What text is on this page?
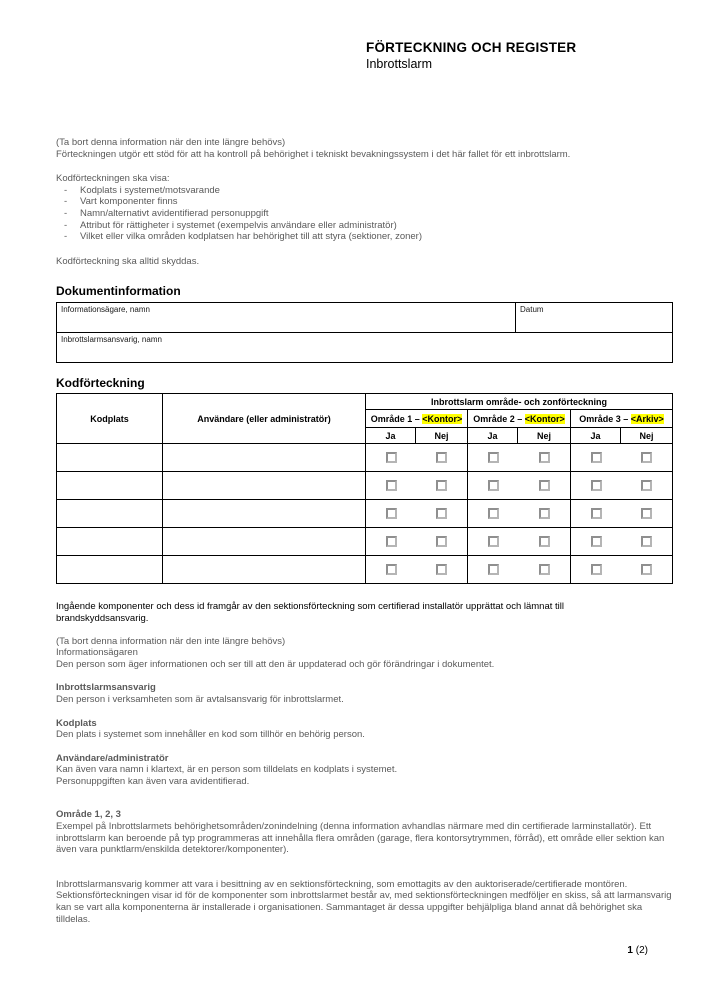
FÖRTECKNING OCH REGISTER
Inbrottslarm
(Ta bort denna information när den inte längre behövs)
Förteckningen utgör ett stöd för att ha kontroll på behörighet i tekniskt bevakningssystem i det här fallet för ett inbrottslarm.
Kodförteckningen ska visa:
-
Kodplats i systemet/motsvarande
-
Vart komponenter finns
-
Namn/alternativt avidentifierad personuppgift
-
Attribut för rättigheter i systemet (exempelvis användare eller administratör)
-
Vilket eller vilka områden kodplatsen har behörighet till att styra (sektioner, zoner)
Kodförteckning ska alltid skyddas.
Dokumentinformation
Informationsägare, namn	Datum
Inbrottslarmsansvarig, namn
Kodförteckning
Kodplats	Användare (eller administratör)	Inbrottslarm område- och zonförteckning					
		Område 1 – <Kontor>		Område 2 – <Kontor>		Område 3 – <Arkiv>	
		Ja	Nej	Ja	Nej	Ja	Nej

Ingående komponenter och dess id framgår av den sektionsförteckning som certifierad installatör upprättat och lämnat till
brandskyddsansvarig.
(Ta bort denna information när den inte längre behövs)
Informationsägaren
Den person som äger informationen och ser till att den är uppdaterad och gör förändringar i dokumentet.
Inbrottslarmsansvarig
Den person i verksamheten som är avtalsansvarig för inbrottslarmet.
Kodplats
Den plats i systemet som innehåller en kod som tillhör en behörig person.
Användare/administratör
Kan även vara namn i klartext, är en person som tilldelats en kodplats i systemet.
Personuppgiften kan även vara avidentifierad.
Område 1, 2, 3
Exempel på Inbrottslarmets behörighetsområden/zonindelning (denna information avhandlas närmare med din certifierade larminstallatör). Ett inbrottslarm kan beroende på typ programmeras att innehålla flera områden (garage, flera kontorsytrymmen, förråd), ett område eller sektion kan även vara punktlarm/enskilda detektorer/komponenter).
Inbrottslarmansvarig kommer att vara i besittning av en sektionsförteckning, som emottagits av den auktoriserade/certifierade montören. Sektionsförteckningen visar id för de komponenter som inbrottslarmet består av, med sektionsförteckningen medföljer en skiss, så att larmansvarig kan se vart alla komponenterna är installerade i organisationen. Sammantaget är dessa uppgifter behjälpliga bland annat då behörighet ska tilldelas.
1 (2)
